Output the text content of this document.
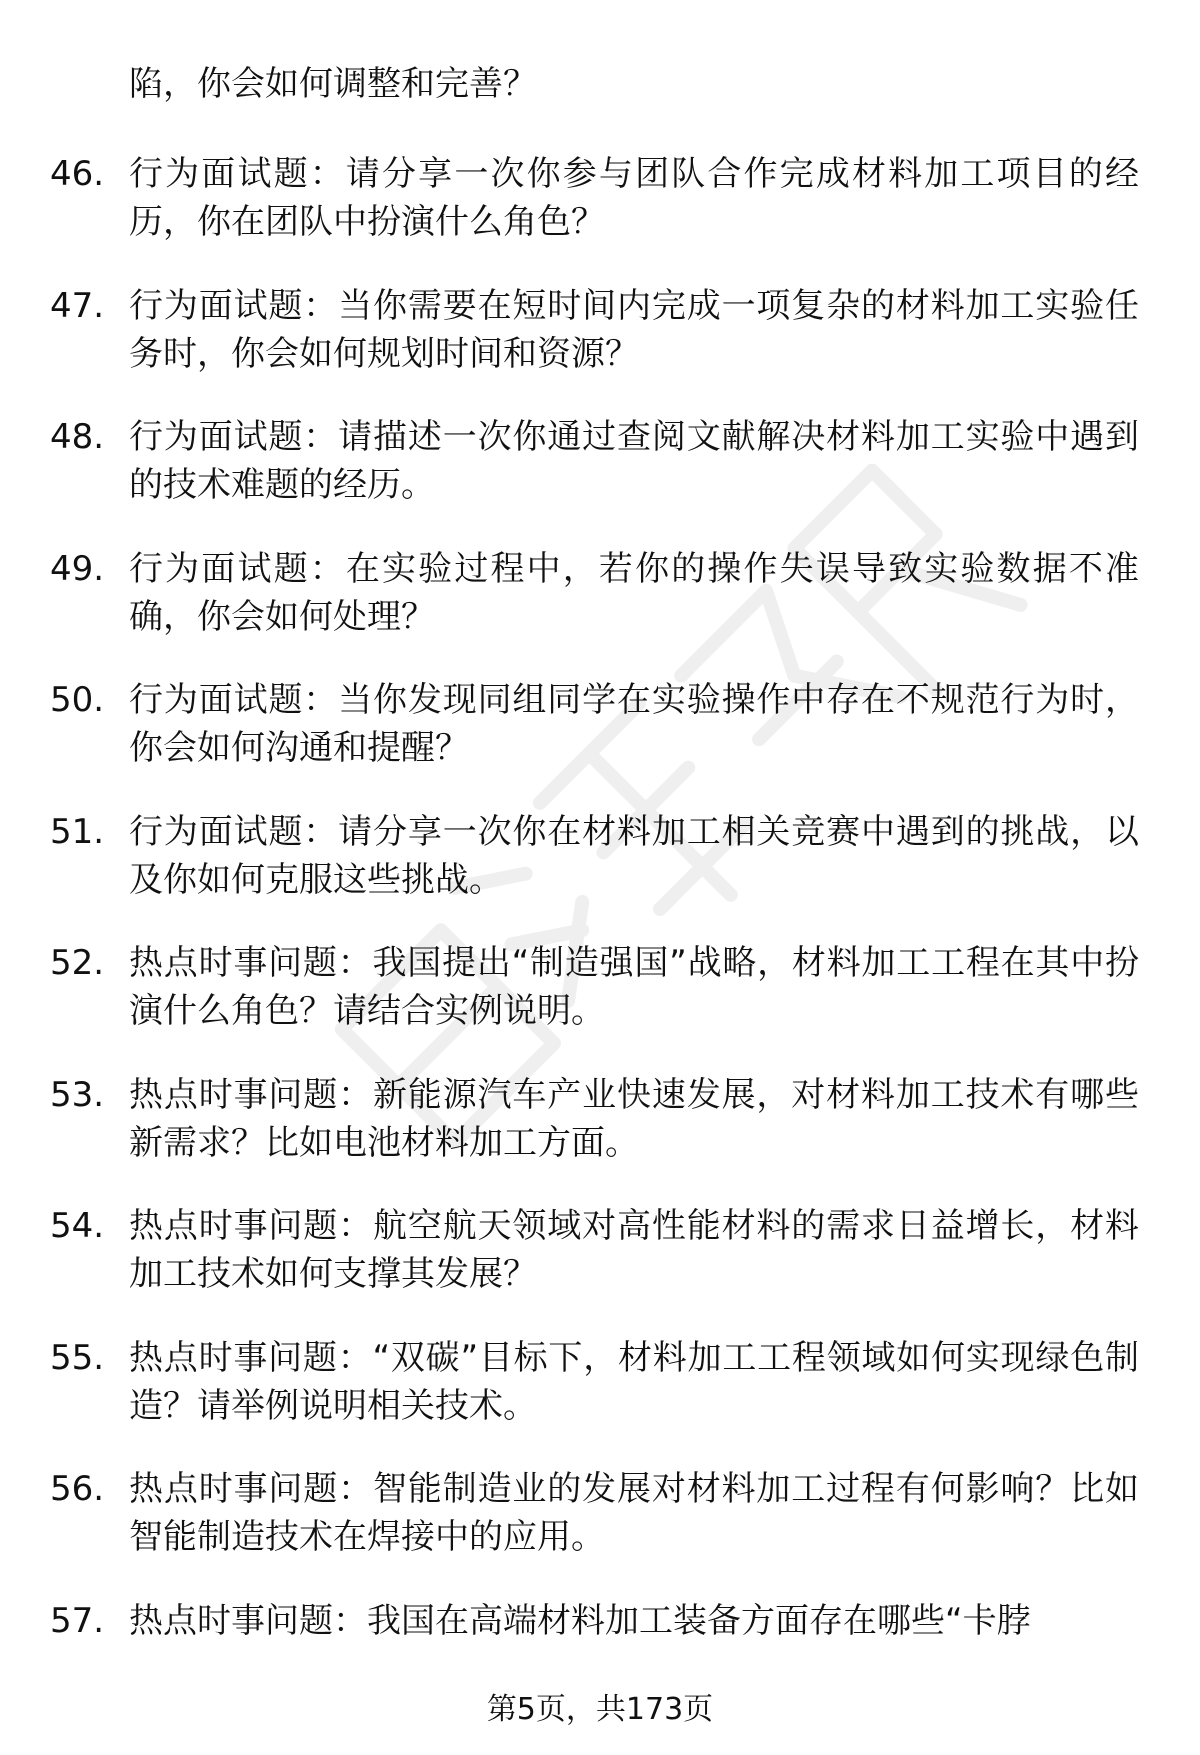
陷，你会如何调整和完善？
46. 行为面试题：请分享一次你参与团队合作完成材料加工项目的经历，你在团队中扮演什么角色？
47. 行为面试题：当你需要在短时间内完成一项复杂的材料加工实验任务时，你会如何规划时间和资源？
48. 行为面试题：请描述一次你通过查阅文献解决材料加工实验中遇到的技术难题的经历。
49. 行为面试题：在实验过程中，若你的操作失误导致实验数据不准确，你会如何处理？
50. 行为面试题：当你发现同组同学在实验操作中存在不规范行为时，你会如何沟通和提醒？
51. 行为面试题：请分享一次你在材料加工相关竞赛中遇到的挑战，以及你如何克服这些挑战。
52. 热点时事问题：我国提出“制造强国”战略，材料加工工程在其中扮演什么角色？请结合实例说明。
53. 热点时事问题：新能源汽车产业快速发展，对材料加工技术有哪些新需求？比如电池材料加工方面。
54. 热点时事问题：航空航天领域对高性能材料的需求日益增长，材料加工技术如何支撑其发展？
55. 热点时事问题：“双碳”目标下，材料加工工程领域如何实现绿色制造？请举例说明相关技术。
56. 热点时事问题：智能制造业的发展对材料加工过程有何影响？比如智能制造技术在焊接中的应用。
57. 热点时事问题：我国在高端材料加工装备方面存在哪些“卡脖
第5页，共173页
